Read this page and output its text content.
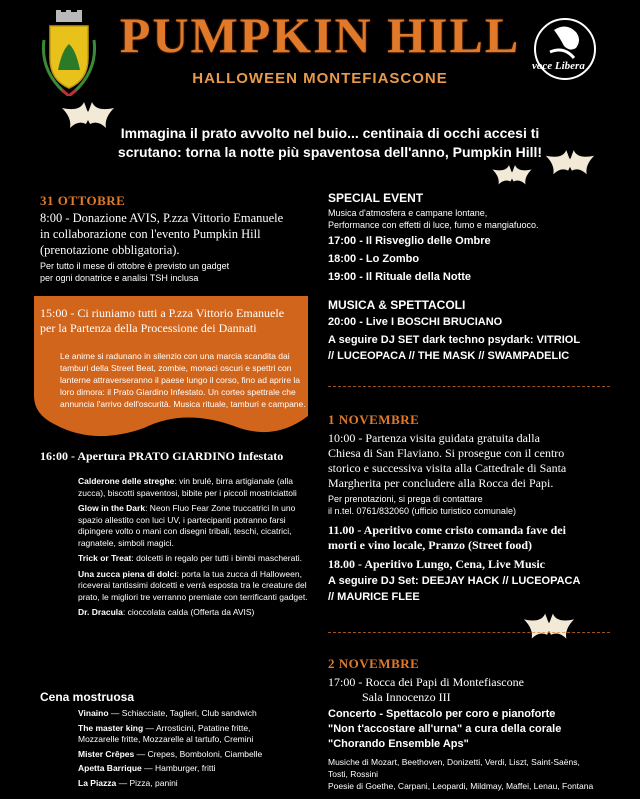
voce Libera
PUMPKIN HILL
HALLOWEEN MONTEFIASCONE
Immagina il prato avvolto nel buio... centinaia di occhi accesi ti scrutano: torna la notte più spaventosa dell'anno, Pumpkin Hill!
31 OTTOBRE
8:00 - Donazione AVIS, P.zza Vittorio Emanuele
in collaborazione con l'evento Pumpkin Hill
(prenotazione obbligatoria).
Per tutto il mese di ottobre è previsto un gadget
per ogni donatrice e analisi TSH inclusa
15:00 - Ci riuniamo tutti a P.zza Vittorio Emanuele
per la Partenza della Processione dei Dannati
Le anime si radunano in silenzio con una marcia scandita dai tamburi della Street Beat, zombie, monaci oscuri e spettri con lanterne attraverseranno il paese lungo il corso, fino ad aprire la loro dimora: il Prato Giardino Infestato. Un corteo spettrale che annuncia l'arrivo dell'oscurità. Musica rituale, tamburi e campane.
16:00 - Apertura PRATO GIARDINO Infestato
Calderone delle streghe: vin brulé, birra artigianale (alla zucca), biscotti spaventosi, bibite per i piccoli mostriciattoli
Glow in the Dark: Neon Fluo Fear Zone truccatrici In uno spazio allestito con luci UV, i partecipanti potranno farsi dipingere volto o mani con disegni tribali, teschi, cicatrici, ragnatele, simboli magici.
Trick or Treat: dolcetti in regalo per tutti i bimbi mascherati.
Una zucca piena di dolci: porta la tua zucca di Halloween, riceverai tantissimi dolcetti e verrà esposta tra le creature del prato, le migliori tre verranno premiate con terrificanti gadget.
Dr. Dracula: cioccolata calda (Offerta da AVIS)
Cena mostruosa
Vinaino — Schiacciate, Taglieri, Club sandwich
The master king — Arrosticini, Patatine fritte, Mozzarelle fritte, Mozzarelle al tartufo, Cremini
Mister Crêpes — Crepes, Bomboloni, Ciambelle
Apetta Barrique — Hamburger, fritti
La Piazza — Pizza, panini
SPECIAL EVENT
Musica d'atmosfera e campane lontane,
Performance con effetti di luce, fumo e mangiafuoco.
17:00 - Il Risveglio delle Ombre
18:00 - Lo Zombo
19:00 - Il Rituale della Notte
MUSICA & SPETTACOLI
20:00 - Live I BOSCHI BRUCIANO
A seguire DJ SET dark techno psydark: VITRIOL
// LUCEOPACA // THE MASK // SWAMPADELIC
1 NOVEMBRE
10:00 - Partenza visita guidata gratuita dalla
Chiesa di San Flaviano. Si prosegue con il centro
storico e successiva visita alla Cattedrale di Santa
Margherita per concludere alla Rocca dei Papi.
Per prenotazioni, si prega di contattare
il n.tel. 0761/832060 (ufficio turistico comunale)
11.00 - Aperitivo come cristo comanda fave dei
morti e vino locale, Pranzo (Street food)
18.00 - Aperitivo Lungo, Cena, Live Music
A seguire DJ Set: DEEJAY HACK // LUCEOPACA
// MAURICE FLEE
2 NOVEMBRE
17:00 - Rocca dei Papi di Montefiascone
Sala Innocenzo III
Concerto - Spettacolo per coro e pianoforte
"Non t'accostare all'urna" a cura della corale
"Chorando Ensemble Aps"
Musiche di Mozart, Beethoven, Donizetti, Verdi, Liszt, Saint-Saëns,
Tosti, Rossini
Poesie di Goethe, Carpani, Leopardi, Mildmay, Maffei, Lenau, Fontana
